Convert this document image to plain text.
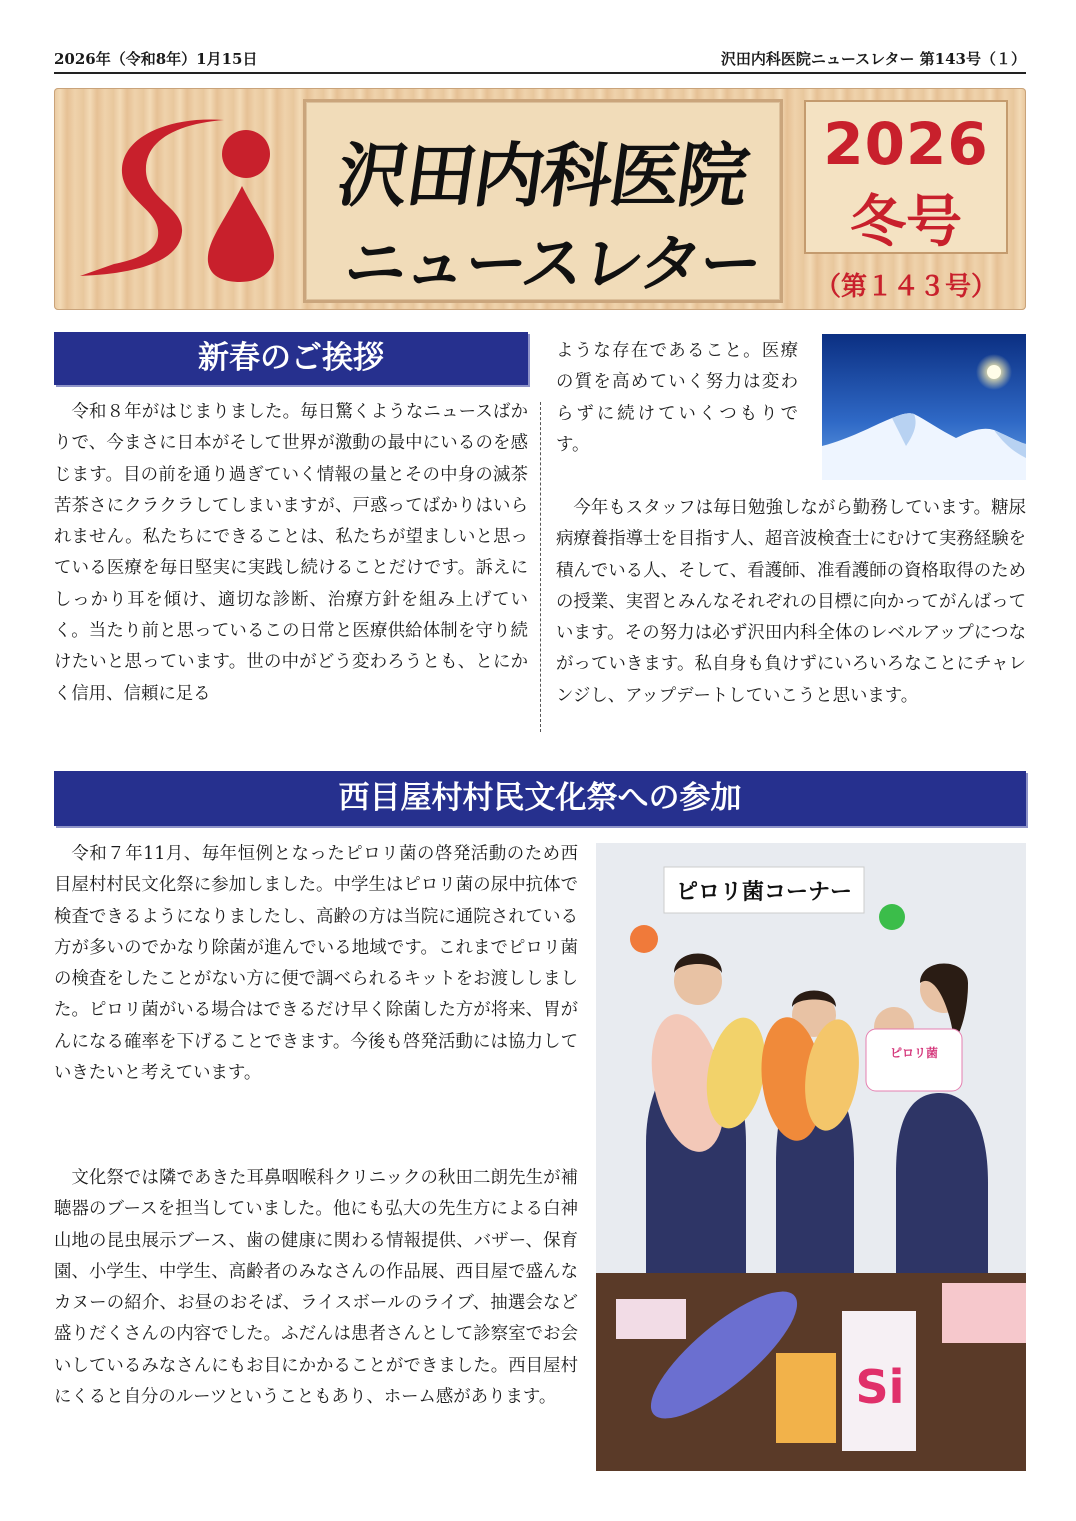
2026年（令和8年）1月15日	沢田内科医院ニュースレター 第143号（１）
沢田内科医院
ニュースレター
2026
冬号
（第１４３号）
新春のご挨拶

令和８年がはじまりました。毎日驚くようなニュースばかりで、今まさに日本がそして世界が激動の最中にいるのを感じます。目の前を通り過ぎていく情報の量とその中身の滅茶苦茶さにクラクラしてしまいますが、戸惑ってばかりはいられません。私たちにできることは、私たちが望ましいと思っている医療を毎日堅実に実践し続けることだけです。訴えにしっかり耳を傾け、適切な診断、治療方針を組み上げていく。当たり前と思っているこの日常と医療供給体制を守り続けたいと思っています。世の中がどう変わろうとも、とにかく信用、信頼に足る

ような存在であること。医療の質を高めていく努力は変わらずに続けていくつもりです。

今年もスタッフは毎日勉強しながら勤務しています。糖尿病療養指導士を目指す人、超音波検査士にむけて実務経験を積んでいる人、そして、看護師、准看護師の資格取得のための授業、実習とみんなそれぞれの目標に向かってがんばっています。その努力は必ず沢田内科全体のレベルアップにつながっていきます。私自身も負けずにいろいろなことにチャレンジし、アップデートしていこうと思います。

西目屋村村民文化祭への参加

令和７年11月、毎年恒例となったピロリ菌の啓発活動のため西目屋村村民文化祭に参加しました。中学生はピロリ菌の尿中抗体で検査できるようになりましたし、高齢の方は当院に通院されている方が多いのでかなり除菌が進んでいる地域です。これまでピロリ菌の検査をしたことがない方に便で調べられるキットをお渡ししました。ピロリ菌がいる場合はできるだけ早く除菌した方が将来、胃がんになる確率を下げることできます。今後も啓発活動には協力していきたいと考えています。

文化祭では隣であきた耳鼻咽喉科クリニックの秋田二朗先生が補聴器のブースを担当していました。他にも弘大の先生方による白神山地の昆虫展示ブース、歯の健康に関わる情報提供、バザー、保育園、小学生、中学生、高齢者のみなさんの作品展、西目屋で盛んなカヌーの紹介、お昼のおそば、ライスボールのライブ、抽選会など盛りだくさんの内容でした。ふだんは患者さんとして診察室でお会いしているみなさんにもお目にかかることができました。西目屋村にくると自分のルーツということもあり、ホーム感があります。

ピロリ菌コーナー
ピロリ菌
Si
